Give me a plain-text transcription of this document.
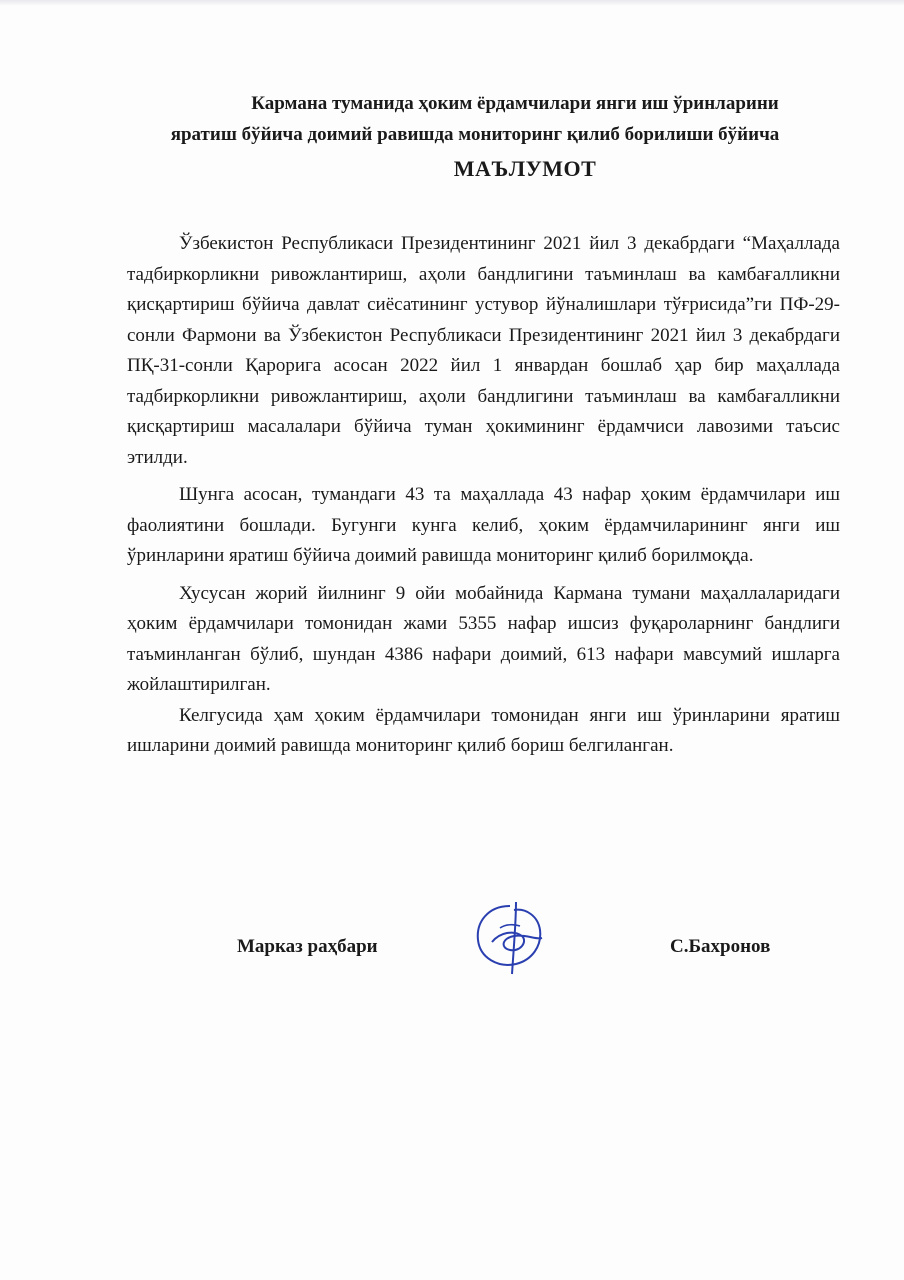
Кармана туманида ҳоким ёрдамчилари янги иш ўринларини
яратиш бўйича доимий равишда мониторинг қилиб борилиши бўйича
МАЪЛУМОТ

Ўзбекистон Республикаси Президентининг 2021 йил 3 декабрдаги “Маҳаллада тадбиркорликни ривожлантириш, аҳоли бандлигини таъминлаш ва камбағалликни қисқартириш бўйича давлат сиёсатининг устувор йўналишлари тўғрисида”ги ПФ-29-сонли Фармони ва Ўзбекистон Республикаси Президентининг 2021 йил 3 декабрдаги ПҚ-31-сонли Қарорига асосан 2022 йил 1 январдан бошлаб ҳар бир маҳаллада тадбиркорликни ривожлантириш, аҳоли бандлигини таъминлаш ва камбағалликни қисқартириш масалалари бўйича туман ҳокимининг ёрдамчиси лавозими таъсис этилди.

Шунга асосан, тумандаги 43 та маҳаллада 43 нафар ҳоким ёрдамчилари иш фаолиятини бошлади. Бугунги кунга келиб, ҳоким ёрдамчиларининг янги иш ўринларини яратиш бўйича доимий равишда мониторинг қилиб борилмоқда.

Хусусан жорий йилнинг 9 ойи мобайнида Кармана тумани маҳаллаларидаги ҳоким ёрдамчилари томонидан жами 5355 нафар ишсиз фуқароларнинг бандлиги таъминланган бўлиб, шундан 4386 нафари доимий, 613 нафари мавсумий ишларга жойлаштирилган.

Келгусида ҳам ҳоким ёрдамчилари томонидан янги иш ўринларини яратиш ишларини доимий равишда мониторинг қилиб бориш белгиланган.

Марказ раҳбари	С.Бахронов
